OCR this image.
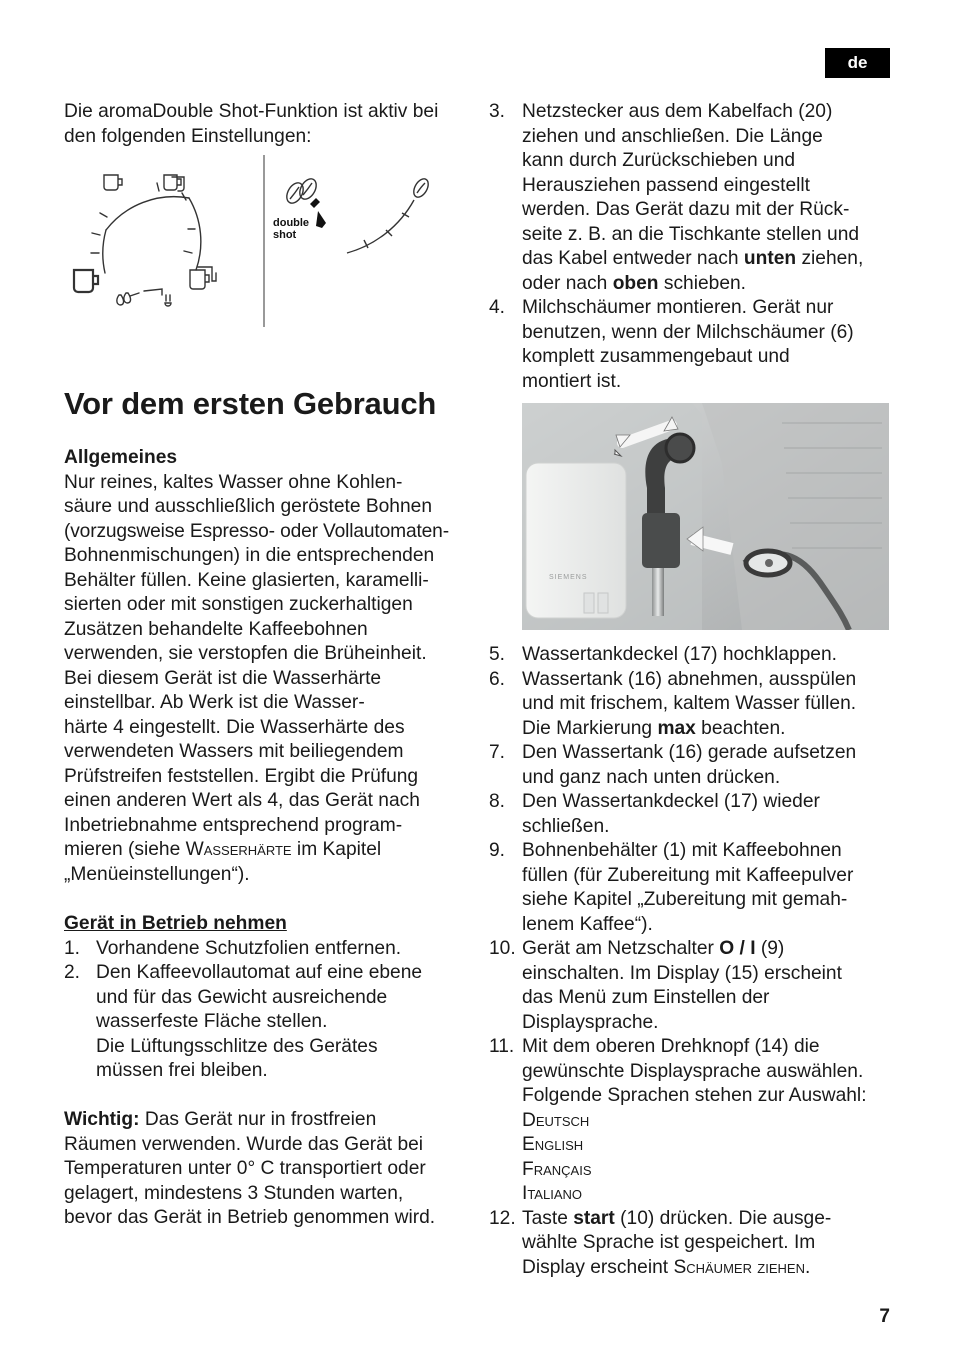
de

Die aromaDouble Shot-Funktion ist aktiv bei den folgenden Einstellungen:

double
shot
Vor dem ersten Gebrauch

Allgemeines

Nur reines, kaltes Wasser ohne Kohlen-

säure und ausschließlich geröstete Bohnen

(vorzugsweise Espresso- oder Vollautomaten-

Bohnenmischungen) in die entsprechenden

Behälter füllen. Keine glasierten, karamelli-

sierten oder mit sonstigen zuckerhaltigen

Zusätzen behandelte Kaffeebohnen

verwenden, sie verstopfen die Brüheinheit.

Bei diesem Gerät ist die Wasserhärte

einstellbar. Ab Werk ist die Wasser-

härte 4 eingestellt. Die Wasserhärte des

verwendeten Wassers mit beiliegendem

Prüfstreifen feststellen. Ergibt die Prüfung

einen anderen Wert als 4, das Gerät nach

Inbetriebnahme entsprechend program-

mieren (siehe Wasserhärte im Kapitel

„Menüeinstellungen“).

Gerät in Betrieb nehmen

1. Vorhandene Schutzfolien entfernen.
2. Den Kaffeevollautomat auf eine ebene
und für das Gewicht ausreichende
wasserfeste Fläche stellen.
Die Lüftungsschlitze des Gerätes
müssen frei bleiben.

Wichtig: Das Gerät nur in frostfreien

Räumen verwenden. Wurde das Gerät bei

Temperaturen unter 0° C transportiert oder

gelagert, mindestens 3 Stunden warten,

bevor das Gerät in Betrieb genommen wird.

3. Netzstecker aus dem Kabelfach (20)
ziehen und anschließen. Die Länge
kann durch Zurückschieben und
Herausziehen passend eingestellt
werden. Das Gerät dazu mit der Rück-
seite z. B. an die Tischkante stellen und
das Kabel entweder nach unten ziehen,
oder nach oben schieben.
4. Milchschäumer montieren. Gerät nur
benutzen, wenn der Milchschäumer (6)
komplett zusammengebaut und
montiert ist.
SIEMENS
5. Wassertankdeckel (17) hochklappen.
6. Wassertank (16) abnehmen, ausspülen
und mit frischem, kaltem Wasser füllen.
Die Markierung max beachten.
7. Den Wassertank (16) gerade aufsetzen
und ganz nach unten drücken.
8. Den Wassertankdeckel (17) wieder
schließen.
9. Bohnenbehälter (1) mit Kaffeebohnen
füllen (für Zubereitung mit Kaffeepulver
siehe Kapitel „Zubereitung mit gemah-
lenem Kaffee“).
10. Gerät am Netzschalter O / I (9)
einschalten. Im Display (15) erscheint
das Menü zum Einstellen der
Displaysprache.
11. Mit dem oberen Drehknopf (14) die
gewünschte Displaysprache auswählen.
Folgende Sprachen stehen zur Auswahl:
Deutsch
English
Français
Italiano
12. Taste start (10) drücken. Die ausge-
wählte Sprache ist gespeichert. Im
Display erscheint Schäumer ziehen.
7
